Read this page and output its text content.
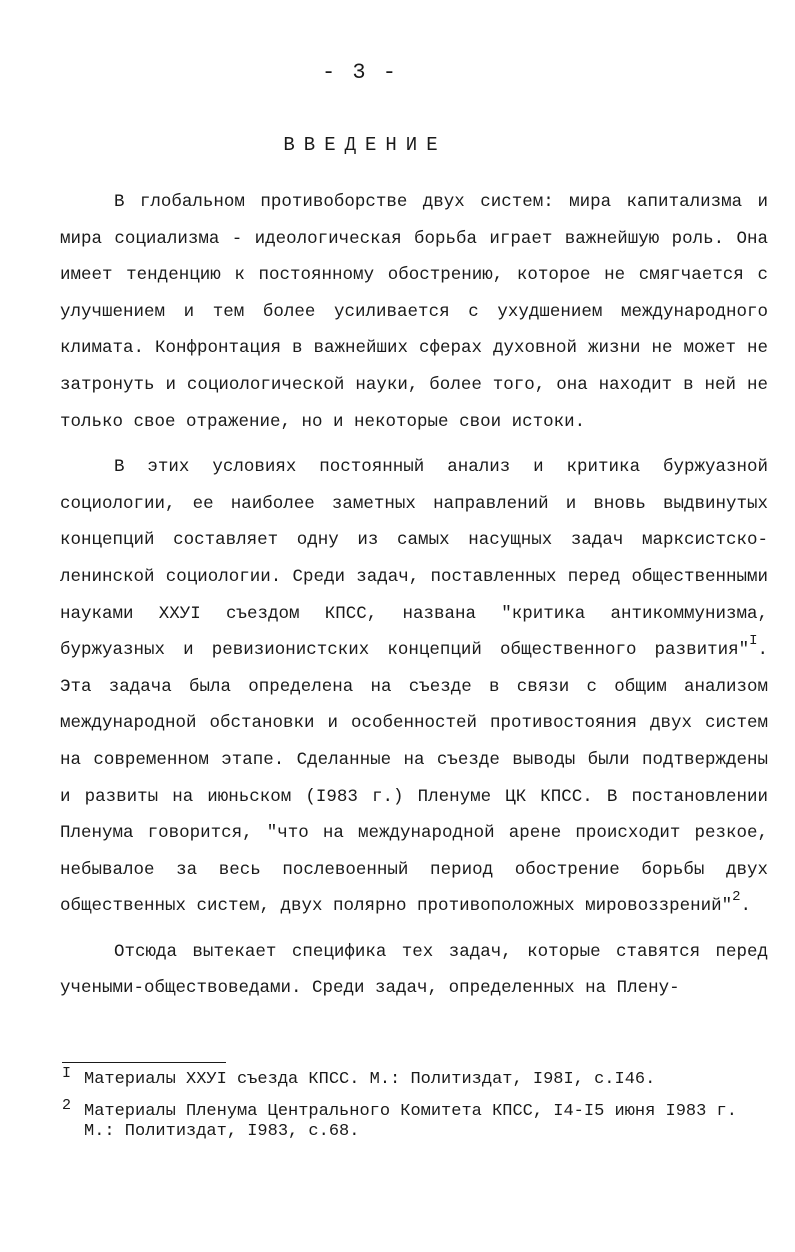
- 3 -
ВВЕДЕНИЕ

В глобальном противоборстве двух систем: мира капитализма и мира социализма - идеологическая борьба играет важнейшую роль. Она имеет тенденцию к постоянному обострению, которое не смягчается с улучшением и тем более усиливается с ухудшением международного климата. Конфронтация в важнейших сферах духовной жизни не может не затронуть и социологической науки, более того, она находит в ней не только свое отражение, но и некоторые свои истоки.

В этих условиях постоянный анализ и критика буржуазной социологии, ее наиболее заметных направлений и вновь выдвинутых концепций составляет одну из самых насущных задач марксистско-ленинской социологии. Среди задач, поставленных перед общественными науками ХХУI съездом КПСС, названа "критика антикоммунизма, буржуазных и ревизионистских концепций общественного развития"$^I$. Эта задача была определена на съезде в связи с общим анализом международной обстановки и особенностей противостояния двух систем на современном этапе. Сделанные на съезде выводы были подтверждены и развиты на июньском (I983 г.) Пленуме ЦК КПСС. В постановлении Пленума говорится, "что на международной арене происходит резкое, небывалое за весь послевоенный период обострение борьбы двух общественных систем, двух полярно противоположных мировоззрений"$^2$.

Отсюда вытекает специфика тех задач, которые ставятся перед учеными-обществоведами. Среди задач, определенных на Плену-

I Материалы ХХУI съезда КПСС. М.: Политиздат, I98I, с.I46.
2 Материалы Пленума Центрального Комитета КПСС, I4-I5 июня I983 г. М.: Политиздат, I983, с.68.
